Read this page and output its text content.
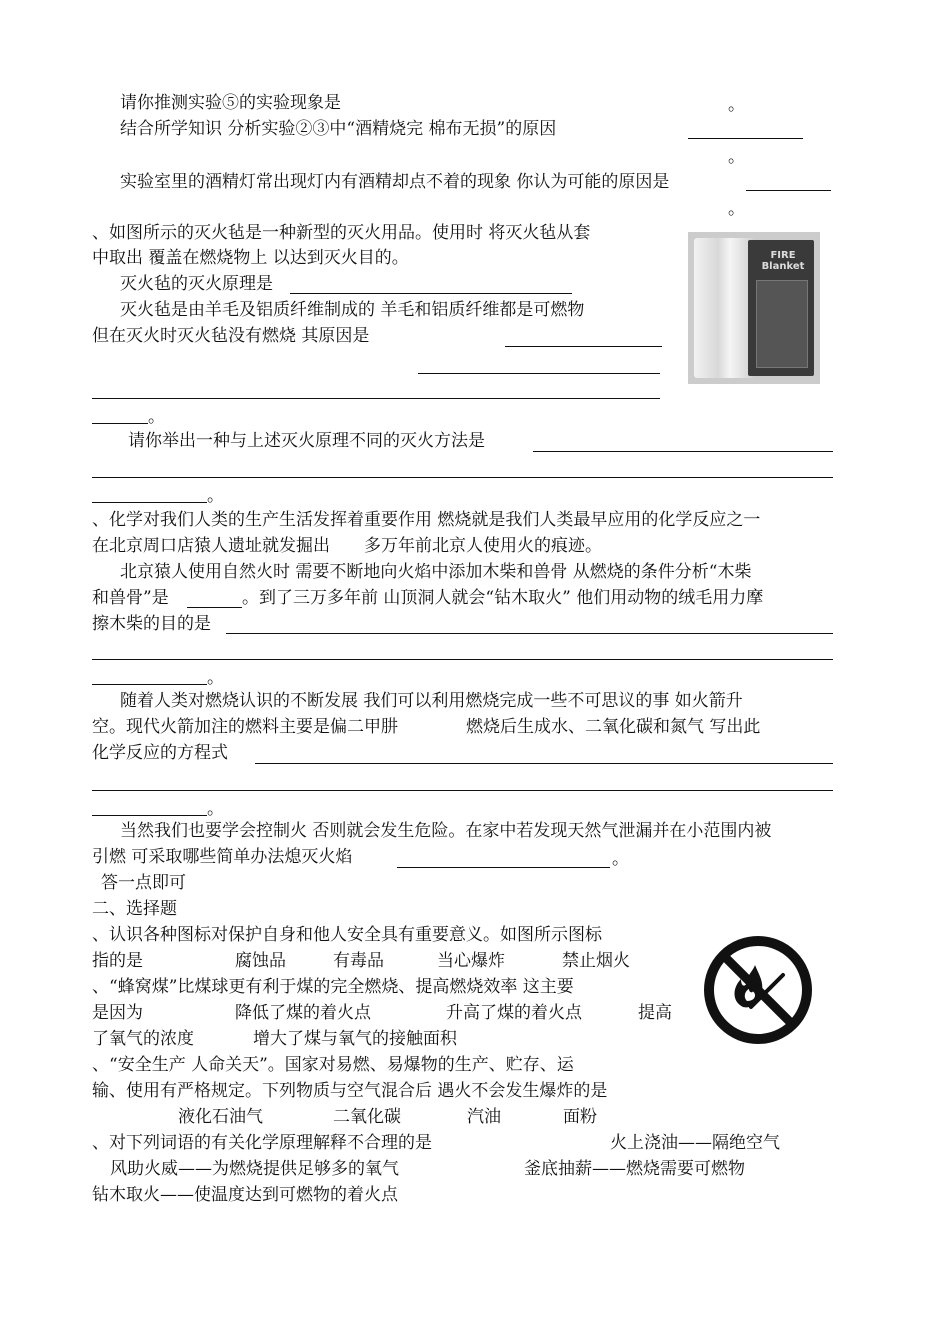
请你推测实验⑤的实验现象是	。
结合所学知识 分析实验②③中“酒精烧完 棉布无损”的原因
。
实验室里的酒精灯常出现灯内有酒精却点不着的现象 你认为可能的原因是
。
、如图所示的灭火毡是一种新型的灭火用品。使用时 将灭火毡从套
中取出 覆盖在燃烧物上 以达到灭火目的。
灭火毡的灭火原理是
灭火毡是由羊毛及铝质纤维制成的 羊毛和铝质纤维都是可燃物
但在灭火时灭火毡没有燃烧 其原因是
。
FIRE
Blanket
请你举出一种与上述灭火原理不同的灭火方法是
。
、化学对我们人类的生产生活发挥着重要作用 燃烧就是我们人类最早应用的化学反应之一
在北京周口店猿人遗址就发掘出　　多万年前北京人使用火的痕迹。
北京猿人使用自然火时 需要不断地向火焰中添加木柴和兽骨 从燃烧的条件分析“木柴
和兽骨”是	。到了三万多年前 山顶洞人就会“钻木取火” 他们用动物的绒毛用力摩
擦木柴的目的是
。
随着人类对燃烧认识的不断发展 我们可以利用燃烧完成一些不可思议的事 如火箭升
空。现代火箭加注的燃料主要是偏二甲肼　　　　燃烧后生成水、二氧化碳和氮气 写出此
化学反应的方程式
。
当然我们也要学会控制火 否则就会发生危险。在家中若发现天然气泄漏并在小范围内被
引燃 可采取哪些简单办法熄灭火焰	。
答一点即可
二、选择题
、认识各种图标对保护自身和他人安全具有重要意义。如图所示图标
指的是	腐蚀品	有毒品	当心爆炸	禁止烟火
、“蜂窝煤”比煤球更有利于煤的完全燃烧、提高燃烧效率 这主要
是因为	降低了煤的着火点	升高了煤的着火点	提高
了氧气的浓度	增大了煤与氧气的接触面积
、“安全生产 人命关天”。国家对易燃、易爆物的生产、贮存、运
输、使用有严格规定。下列物质与空气混合后 遇火不会发生爆炸的是
液化石油气	二氧化碳	汽油	面粉
、对下列词语的有关化学原理解释不合理的是	火上浇油——隔绝空气
风助火威——为燃烧提供足够多的氧气	釜底抽薪——燃烧需要可燃物
钻木取火——使温度达到可燃物的着火点
